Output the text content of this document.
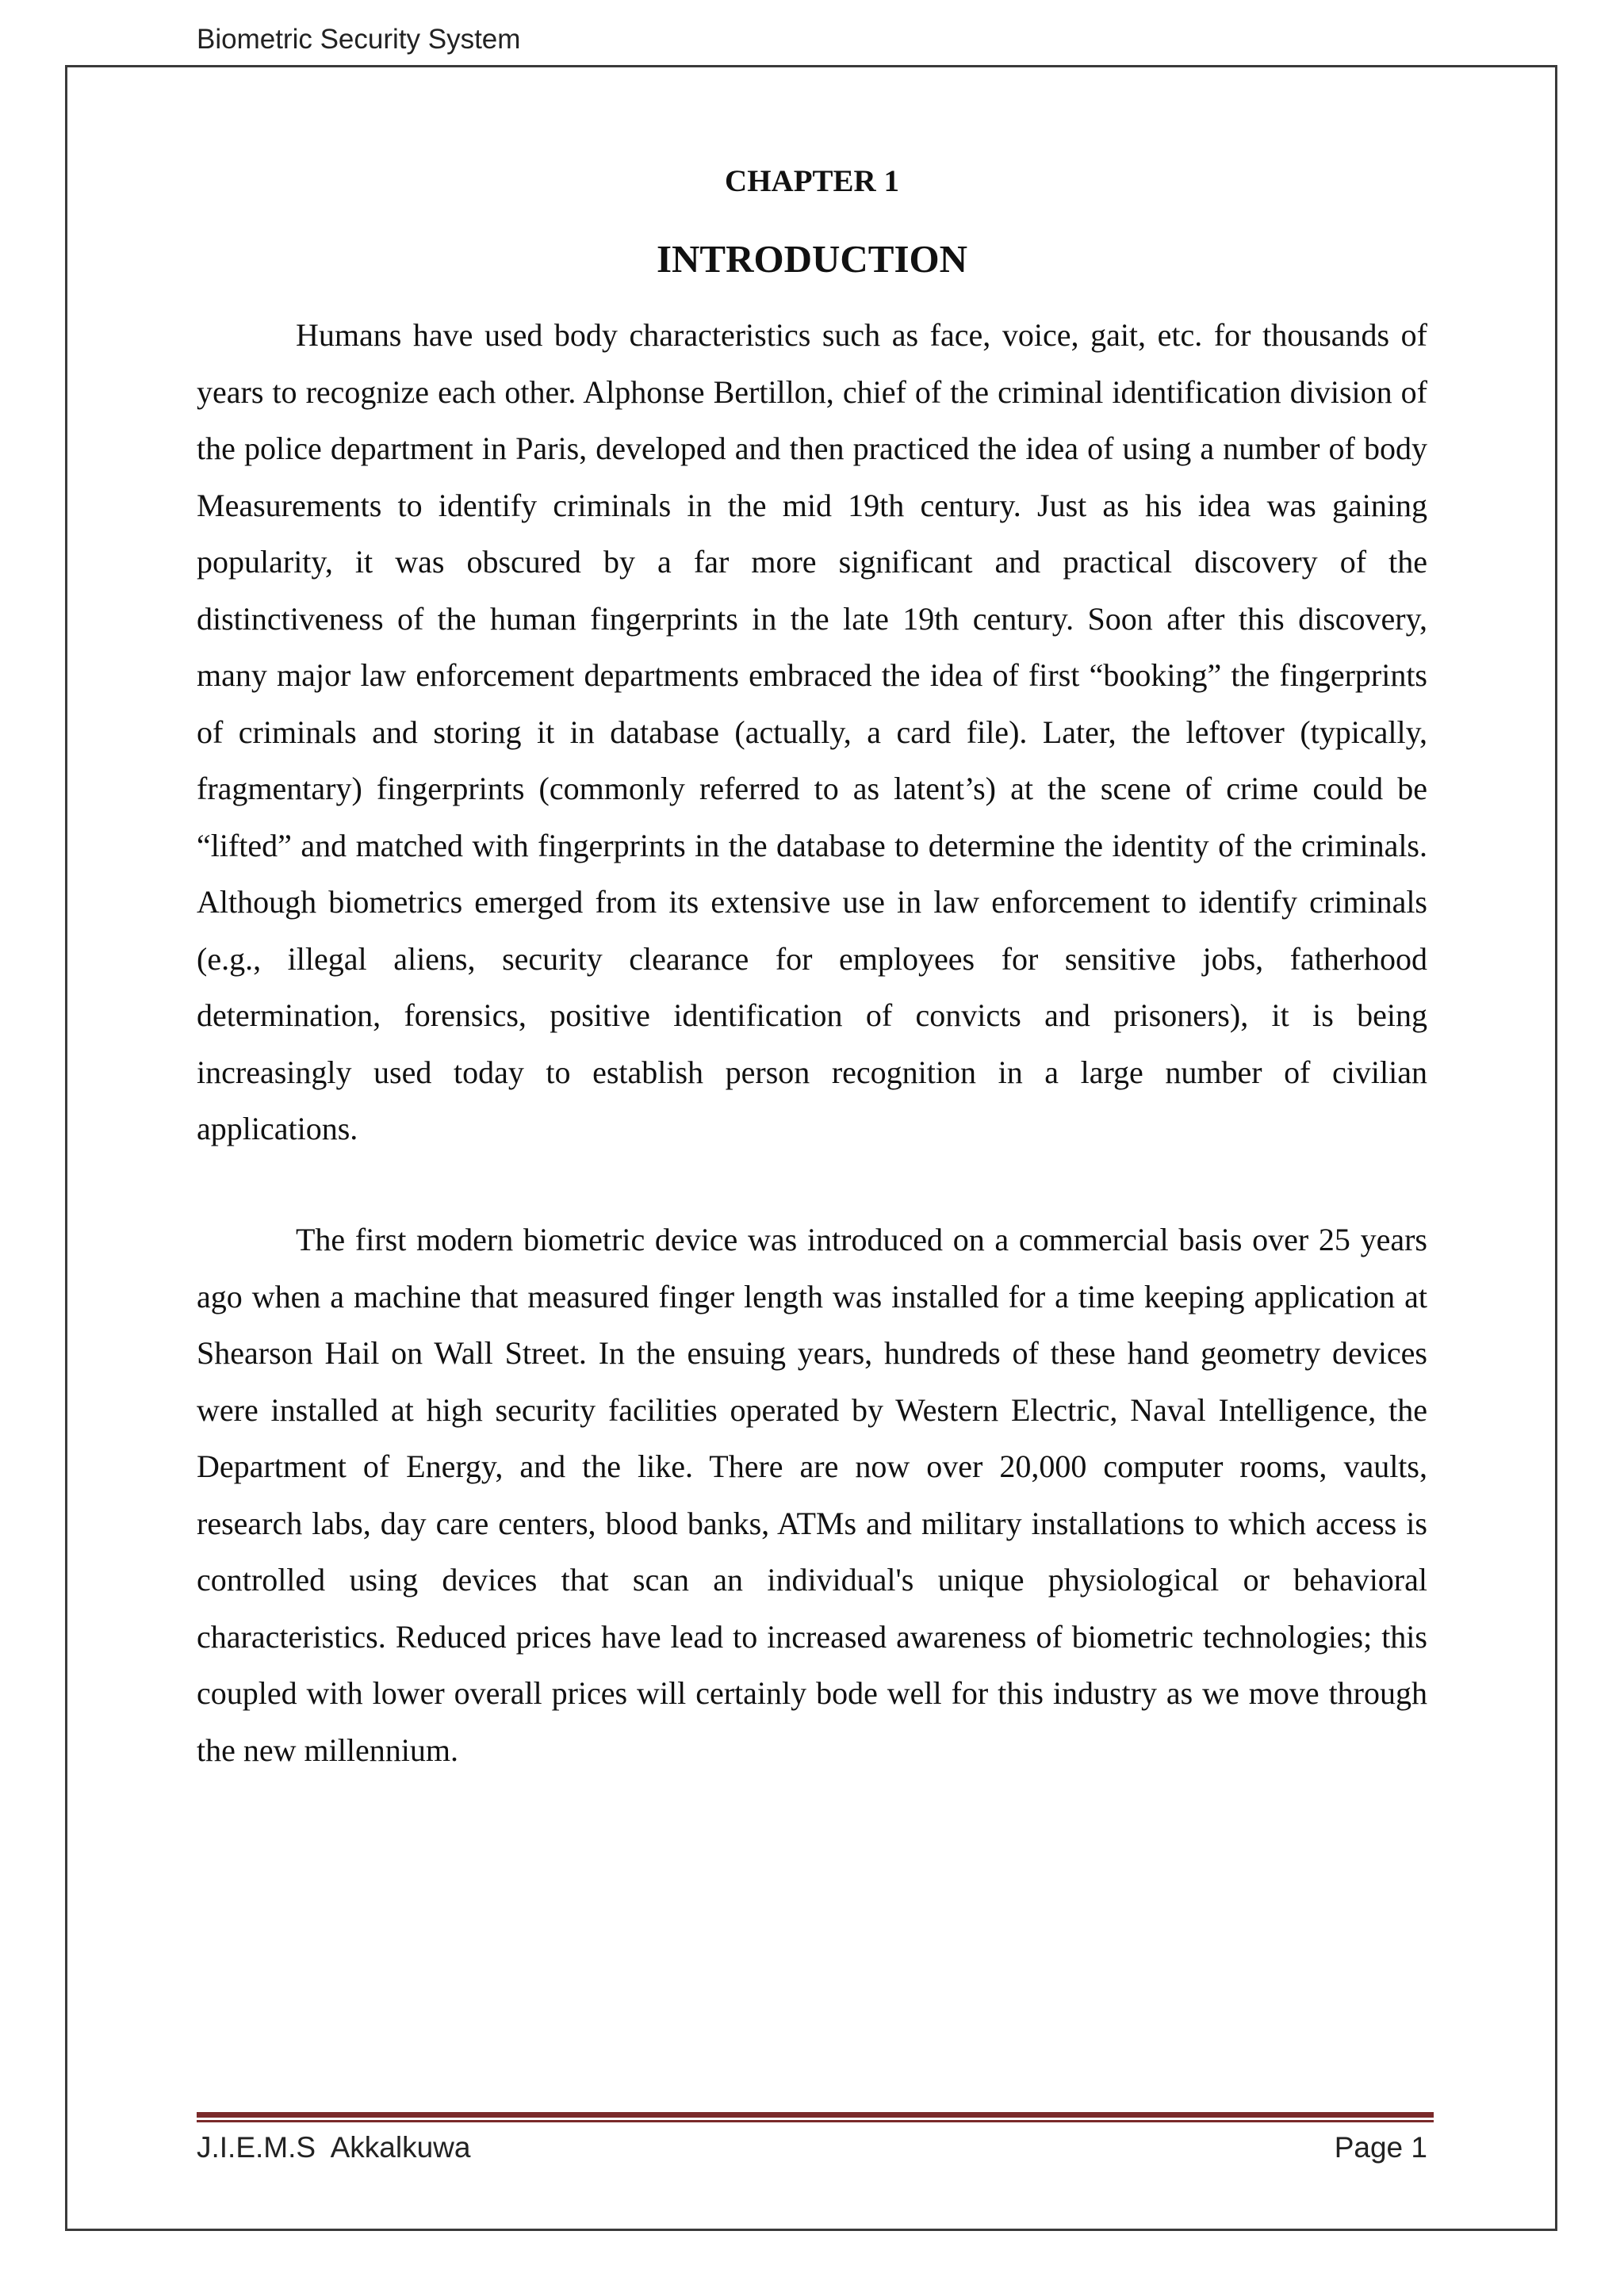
Biometric Security System
CHAPTER 1
INTRODUCTION

Humans have used body characteristics such as face, voice, gait, etc. for thousands of years to recognize each other. Alphonse Bertillon, chief of the criminal identification division of the police department in Paris, developed and then practiced the idea of using a number of body Measurements to identify criminals in the mid 19th century. Just as his idea was gaining popularity, it was obscured by a far more significant and practical discovery of the distinctiveness of the human fingerprints in the late 19th century. Soon after this discovery, many major law enforcement departments embraced the idea of first “booking” the fingerprints of criminals and storing it in database (actually, a card file). Later, the leftover (typically, fragmentary) fingerprints (commonly referred to as latent’s) at the scene of crime could be “lifted” and matched with fingerprints in the database to determine the identity of the criminals. Although biometrics emerged from its extensive use in law enforcement to identify criminals (e.g., illegal aliens, security clearance for employees for sensitive jobs, fatherhood determination, forensics, positive identification of convicts and prisoners), it is being increasingly used today to establish person recognition in a large number of civilian applications.

The first modern biometric device was introduced on a commercial basis over 25 years ago when a machine that measured finger length was installed for a time keeping application at Shearson Hail on Wall Street. In the ensuing years, hundreds of these hand geometry devices were installed at high security facilities operated by Western Electric, Naval Intelligence, the Department of Energy, and the like. There are now over 20,000 computer rooms, vaults, research labs, day care centers, blood banks, ATMs and military installations to which access is controlled using devices that scan an individual's unique physiological or behavioral characteristics. Reduced prices have lead to increased awareness of biometric technologies; this coupled with lower overall prices will certainly bode well for this industry as we move through the new millennium.

J.I.E.M.S  Akkalkuwa	Page 1
